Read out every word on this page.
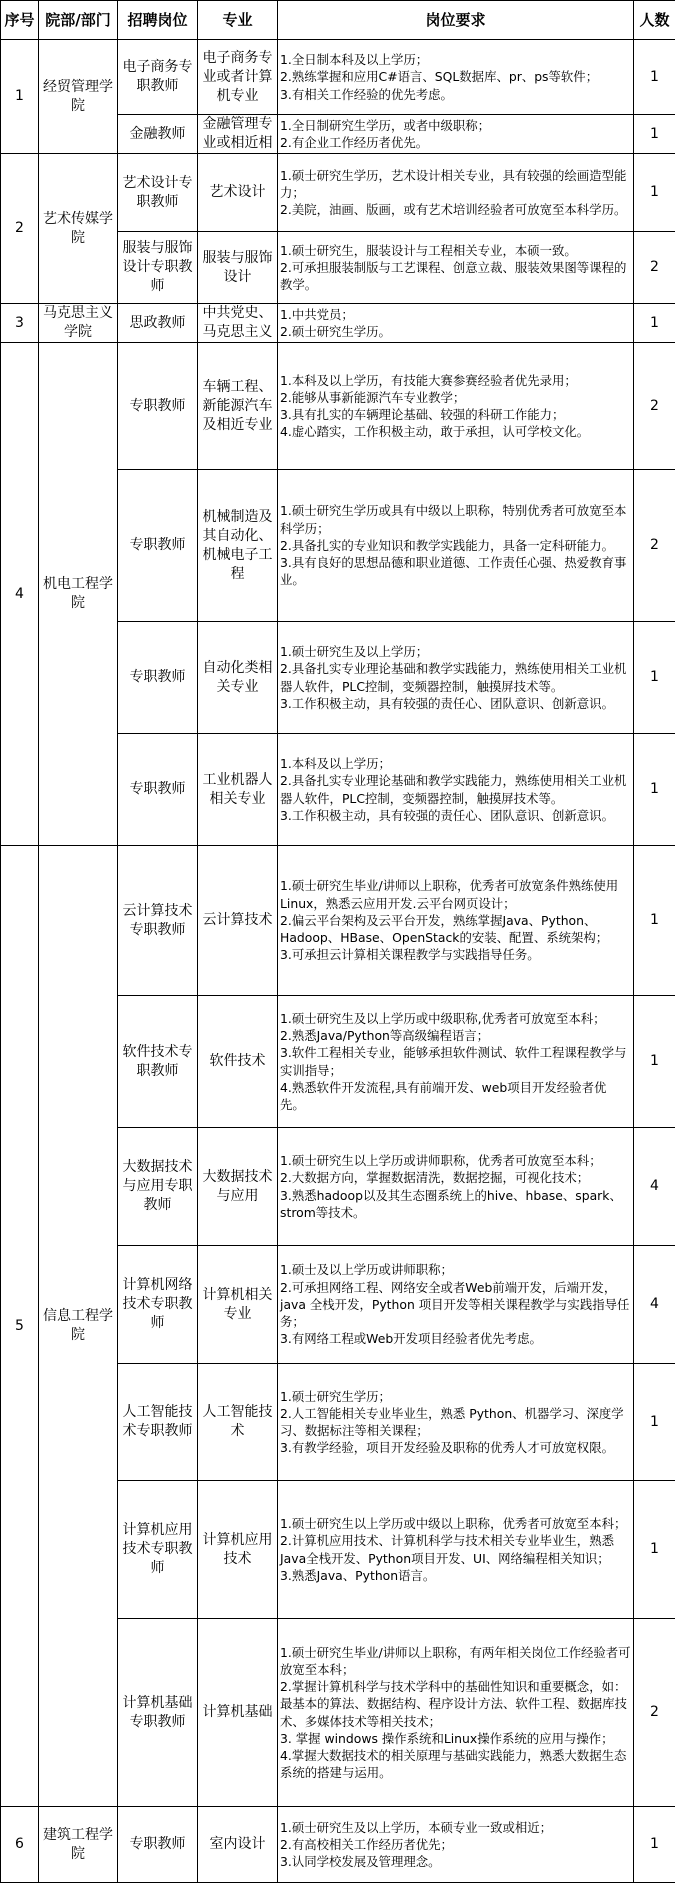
序号	院部/部门	招聘岗位	专业	岗位要求	人数
1	经贸管理学院	电子商务专职教师	电子商务专业或者计算机专业	1.全日制本科及以上学历；
2.熟练掌握和应用C#语言、SQL数据库、pr、ps等软件；
3.有相关工作经验的优先考虑。	1
		金融教师	金融管理专业或相近相	1.全日制研究生学历，或者中级职称；
2.有企业工作经历者优先。	1
2	艺术传媒学院	艺术设计专职教师	艺术设计	1.硕士研究生学历，艺术设计相关专业，具有较强的绘画造型能力；
2.美院，油画、版画，或有艺术培训经验者可放宽至本科学历。	1
		服装与服饰设计专职教师	服装与服饰设计	1.硕士研究生，服装设计与工程相关专业，本硕一致。
2.可承担服装制版与工艺课程、创意立裁、服装效果图等课程的教学。	2
3	马克思主义学院	思政教师	中共党史、马克思主义	1.中共党员；
2.硕士研究生学历。	1
4	机电工程学院	专职教师	车辆工程、新能源汽车及相近专业	1.本科及以上学历，有技能大赛参赛经验者优先录用；
2.能够从事新能源汽车专业教学；
3.具有扎实的车辆理论基础、较强的科研工作能力；
4.虚心踏实，工作积极主动，敢于承担，认可学校文化。	2
		专职教师	机械制造及其自动化、机械电子工程	1.硕士研究生学历或具有中级以上职称，特别优秀者可放宽至本科学历；
2.具备扎实的专业知识和教学实践能力，具备一定科研能力。
3.具有良好的思想品德和职业道德、工作责任心强、热爱教育事业。	2
		专职教师	自动化类相关专业	1.硕士研究生及以上学历；
2.具备扎实专业理论基础和教学实践能力，熟练使用相关工业机器人软件，PLC控制，变频器控制，触摸屏技术等。
3.工作积极主动，具有较强的责任心、团队意识、创新意识。	1
		专职教师	工业机器人相关专业	1.本科及以上学历；
2.具备扎实专业理论基础和教学实践能力，熟练使用相关工业机器人软件，PLC控制，变频器控制，触摸屏技术等。
3.工作积极主动，具有较强的责任心、团队意识、创新意识。	1
5	信息工程学院	云计算技术专职教师	云计算技术	1.硕士研究生毕业/讲师以上职称，优秀者可放宽条件熟练使用Linux，熟悉云应用开发.云平台网页设计；
2.偏云平台架构及云平台开发，熟练掌握Java、Python、Hadoop、HBase、OpenStack的安装、配置、系统架构；
3.可承担云计算相关课程教学与实践指导任务。	1
		软件技术专职教师	软件技术	1.硕士研究生及以上学历或中级职称,优秀者可放宽至本科；
2.熟悉Java/Python等高级编程语言；
3.软件工程相关专业，能够承担软件测试、软件工程课程教学与实训指导；
4.熟悉软件开发流程,具有前端开发、web项目开发经验者优先。	1
		大数据技术与应用专职教师	大数据技术与应用	1.硕士研究生以上学历或讲师职称，优秀者可放宽至本科；
2.大数据方向，掌握数据清洗，数据挖掘，可视化技术；
3.熟悉hadoop以及其生态圈系统上的hive、hbase、spark、strom等技术。	4
		计算机网络技术专职教师	计算机相关专业	1.硕士及以上学历或讲师职称；
2.可承担网络工程、网络安全或者Web前端开发，后端开发，java 全栈开发，Python 项目开发等相关课程教学与实践指导任务；
3.有网络工程或Web开发项目经验者优先考虑。	4
		人工智能技术专职教师	人工智能技术	1.硕士研究生学历；
2.人工智能相关专业毕业生，熟悉 Python、机器学习、深度学习、数据标注等相关课程；
3.有教学经验，项目开发经验及职称的优秀人才可放宽权限。	1
		计算机应用技术专职教师	计算机应用技术	1.硕士研究生以上学历或中级以上职称，优秀者可放宽至本科；
2.计算机应用技术、计算机科学与技术相关专业毕业生，熟悉Java全栈开发、Python项目开发、UI、网络编程相关知识；
3.熟悉Java、Python语言。	1
		计算机基础专职教师	计算机基础	1.硕士研究生毕业/讲师以上职称，有两年相关岗位工作经验者可放宽至本科；
2.掌握计算机科学与技术学科中的基础性知识和重要概念，如：最基本的算法、数据结构、程序设计方法、软件工程、数据库技术、多媒体技术等相关技术；
3. 掌握 windows 操作系统和Linux操作系统的应用与操作；
4.掌握大数据技术的相关原理与基础实践能力，熟悉大数据生态系统的搭建与运用。	2
6	建筑工程学院	专职教师	室内设计	1.硕士研究生及以上学历，本硕专业一致或相近；
2.有高校相关工作经历者优先；
3.认同学校发展及管理理念。	1
